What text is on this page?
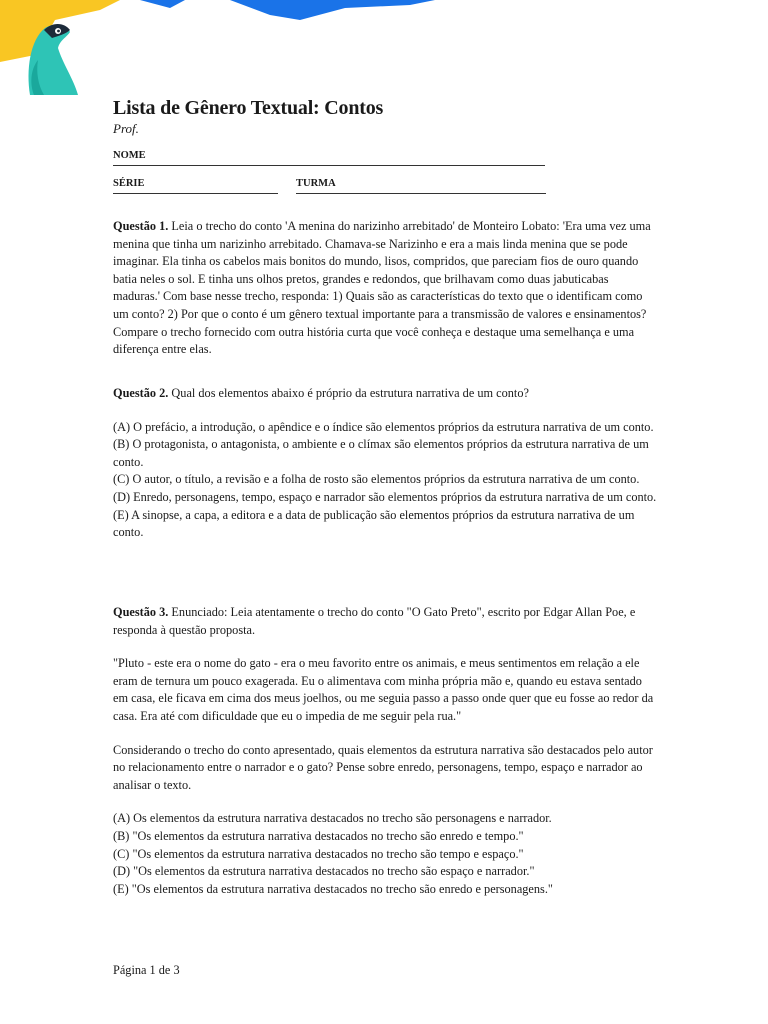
Lista de Gênero Textual: Contos
Prof.
NOME
SÉRIE	TURMA

Questão 1. Leia o trecho do conto 'A menina do narizinho arrebitado' de Monteiro Lobato: 'Era uma vez uma menina que tinha um narizinho arrebitado. Chamava-se Narizinho e era a mais linda menina que se pode imaginar. Ela tinha os cabelos mais bonitos do mundo, lisos, compridos, que pareciam fios de ouro quando batia neles o sol. E tinha uns olhos pretos, grandes e redondos, que brilhavam como duas jabuticabas maduras.' Com base nesse trecho, responda: 1) Quais são as características do texto que o identificam como um conto? 2) Por que o conto é um gênero textual importante para a transmissão de valores e ensinamentos? Compare o trecho fornecido com outra história curta que você conheça e destaque uma semelhança e uma diferença entre elas.

Questão 2. Qual dos elementos abaixo é próprio da estrutura narrativa de um conto?

(A) O prefácio, a introdução, o apêndice e o índice são elementos próprios da estrutura narrativa de um conto.

(B) O protagonista, o antagonista, o ambiente e o clímax são elementos próprios da estrutura narrativa de um conto.

(C) O autor, o título, a revisão e a folha de rosto são elementos próprios da estrutura narrativa de um conto.

(D) Enredo, personagens, tempo, espaço e narrador são elementos próprios da estrutura narrativa de um conto.

(E) A sinopse, a capa, a editora e a data de publicação são elementos próprios da estrutura narrativa de um conto.

Questão 3. Enunciado: Leia atentamente o trecho do conto "O Gato Preto", escrito por Edgar Allan Poe, e responda à questão proposta.

"Pluto - este era o nome do gato - era o meu favorito entre os animais, e meus sentimentos em relação a ele eram de ternura um pouco exagerada. Eu o alimentava com minha própria mão e, quando eu estava sentado em casa, ele ficava em cima dos meus joelhos, ou me seguia passo a passo onde quer que eu fosse ao redor da casa. Era até com dificuldade que eu o impedia de me seguir pela rua."

Considerando o trecho do conto apresentado, quais elementos da estrutura narrativa são destacados pelo autor no relacionamento entre o narrador e o gato? Pense sobre enredo, personagens, tempo, espaço e narrador ao analisar o texto.

(A) Os elementos da estrutura narrativa destacados no trecho são personagens e narrador.

(B) "Os elementos da estrutura narrativa destacados no trecho são enredo e tempo."

(C) "Os elementos da estrutura narrativa destacados no trecho são tempo e espaço."

(D) "Os elementos da estrutura narrativa destacados no trecho são espaço e narrador."

(E) "Os elementos da estrutura narrativa destacados no trecho são enredo e personagens."

Página 1 de 3
